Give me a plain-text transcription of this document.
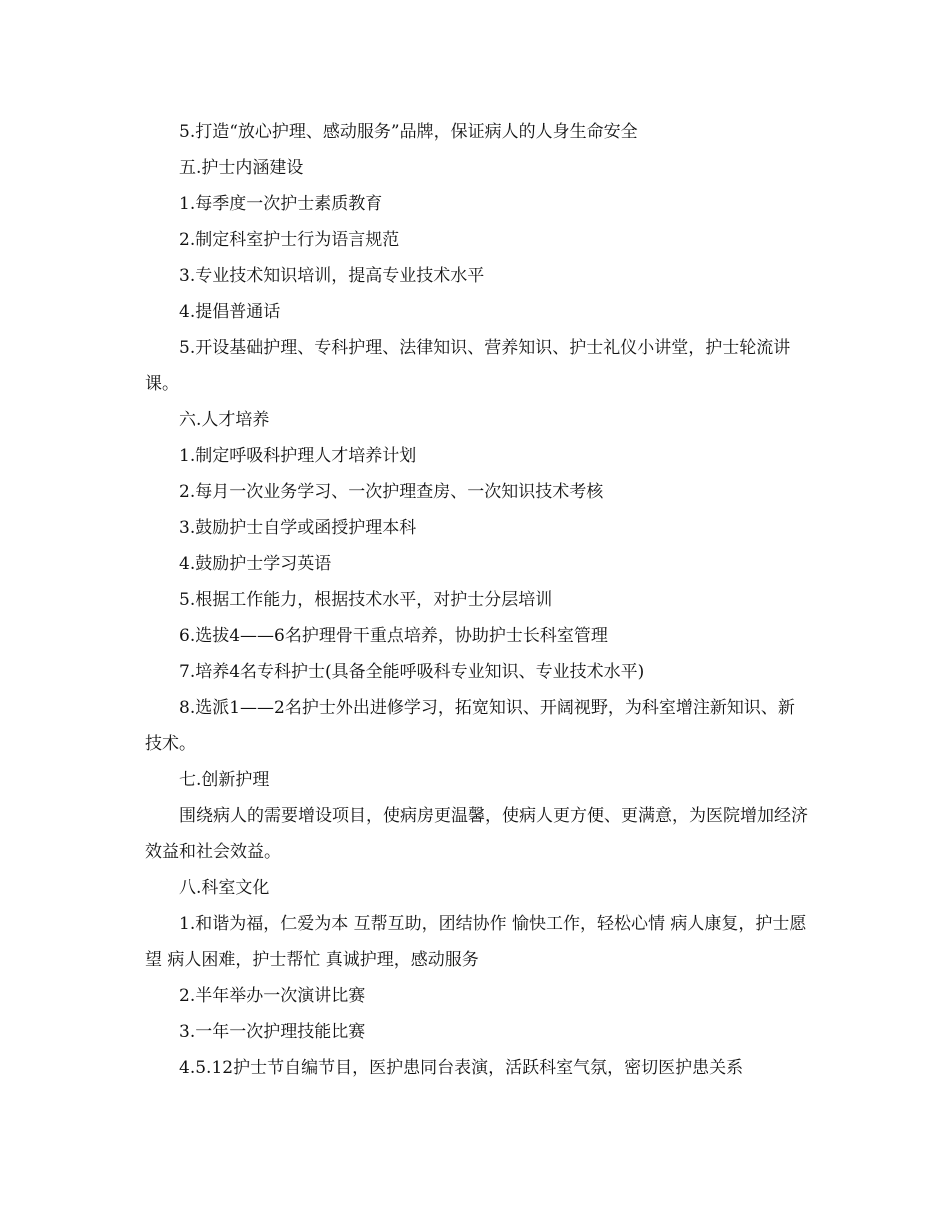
5.打造“放心护理、感动服务”品牌，保证病人的人身生命安全

五.护士内涵建设

1.每季度一次护士素质教育

2.制定科室护士行为语言规范

3.专业技术知识培训，提高专业技术水平

4.提倡普通话

5.开设基础护理、专科护理、法律知识、营养知识、护士礼仪小讲堂，护士轮流讲课。

六.人才培养

1.制定呼吸科护理人才培养计划

2.每月一次业务学习、一次护理查房、一次知识技术考核

3.鼓励护士自学或函授护理本科

4.鼓励护士学习英语

5.根据工作能力，根据技术水平，对护士分层培训

6.选拔4——6名护理骨干重点培养，协助护士长科室管理

7.培养4名专科护士(具备全能呼吸科专业知识、专业技术水平)

8.选派1——2名护士外出进修学习，拓宽知识、开阔视野，为科室增注新知识、新技术。

七.创新护理

围绕病人的需要增设项目，使病房更温馨，使病人更方便、更满意，为医院增加经济效益和社会效益。

八.科室文化

1.和谐为福，仁爱为本 互帮互助，团结协作 愉快工作，轻松心情 病人康复，护士愿望 病人困难，护士帮忙 真诚护理，感动服务

2.半年举办一次演讲比赛

3.一年一次护理技能比赛

4.5.12护士节自编节目，医护患同台表演，活跃科室气氛，密切医护患关系
